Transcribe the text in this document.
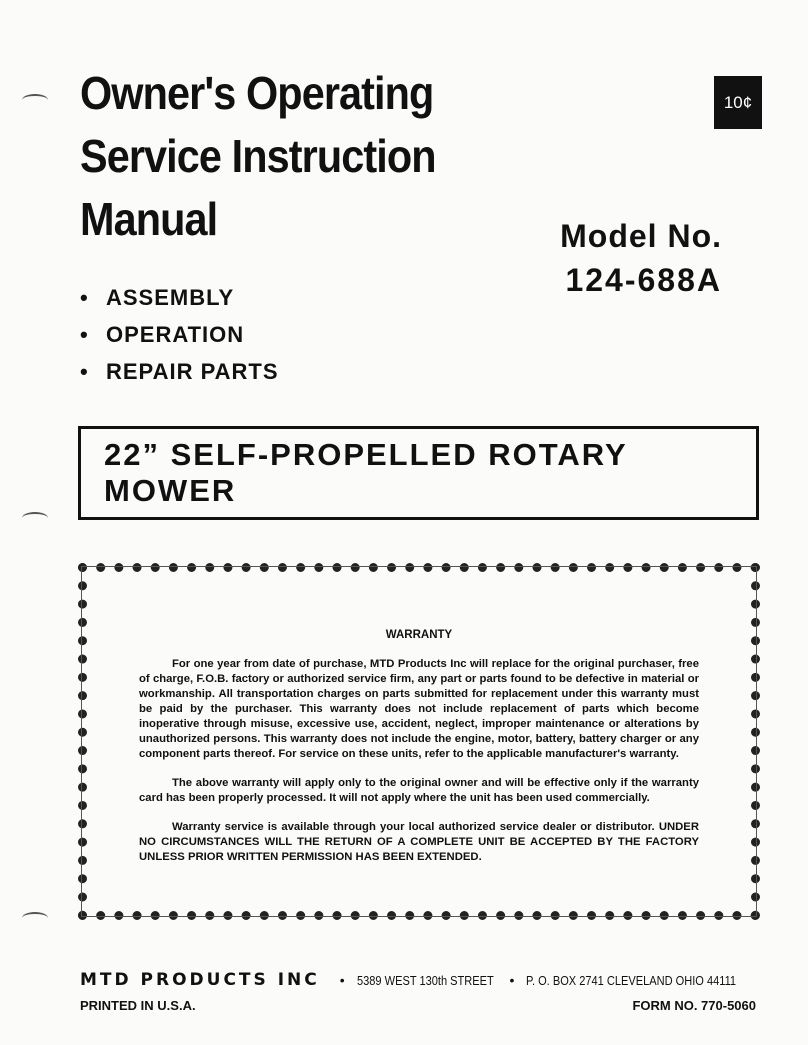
Owner's Operating
Service Instruction
Manual
10¢
Model No.
124-688A
• ASSEMBLY
• OPERATION
• REPAIR PARTS
22” SELF-PROPELLED ROTARY MOWER
WARRANTY

For one year from date of purchase, MTD Products Inc will replace for the original purchaser, free of charge, F.O.B. factory or authorized service firm, any part or parts found to be defective in material or workmanship. All transportation charges on parts submitted for replacement under this warranty must be paid by the purchaser. This warranty does not include replacement of parts which become inoperative through misuse, excessive use, accident, neglect, improper maintenance or alterations by unauthorized persons. This warranty does not include the engine, motor, battery, battery charger or any component parts thereof. For service on these units, refer to the applicable manufacturer's warranty.

The above warranty will apply only to the original owner and will be effective only if the warranty card has been properly processed. It will not apply where the unit has been used commercially.

Warranty service is available through your local authorized service dealer or distributor. UNDER NO CIRCUMSTANCES WILL THE RETURN OF A COMPLETE UNIT BE ACCEPTED BY THE FACTORY UNLESS PRIOR WRITTEN PERMISSION HAS BEEN EXTENDED.

MTD PRODUCTS INC • 5389 WEST 130th STREET • P. O. BOX 2741 CLEVELAND OHIO 44111
PRINTED IN U.S.A.	FORM NO. 770-5060
